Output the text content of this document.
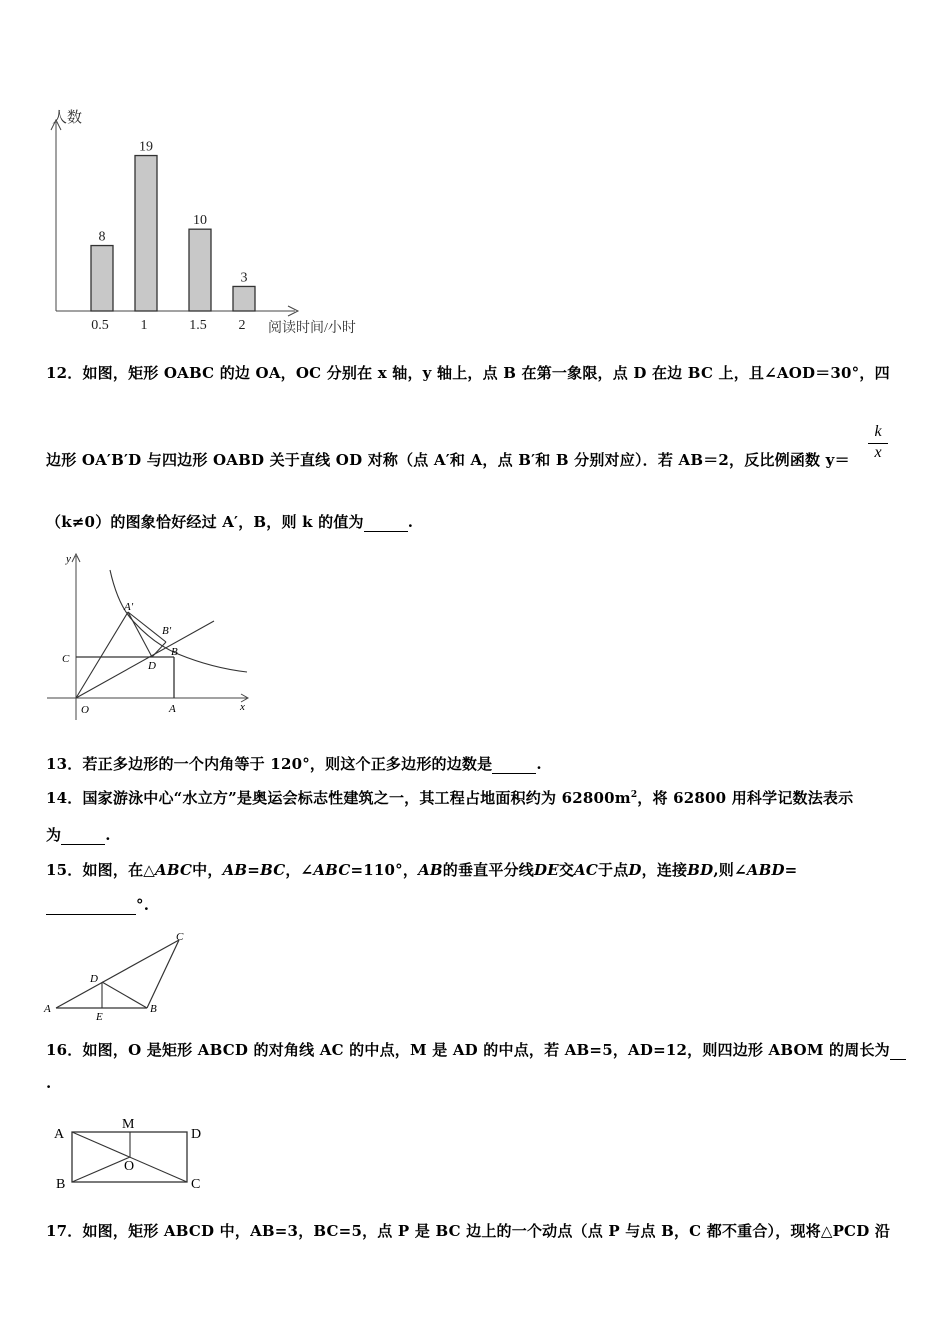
人数
阅读时间/小时
8
0.5
19
1
10
1.5
3
2
12．如图，矩形 OABC 的边 OA，OC 分别在 x 轴，y 轴上，点 B 在第一象限，点 D 在边 BC 上，且∠AOD＝30°，四
边形 OA′B′D 与四边形 OABD 关于直线 OD 对称（点 A′和 A，点 B′和 B 分别对应）．若 AB＝2，反比例函数 y＝
k
x
（k≠0）的图象恰好经过 A′，B，则 k 的值为	.
y
x
O	A
C
D
B
A′
B′
13．若正多边形的一个内角等于 120°，则这个正多边形的边数是	.
14．国家游泳中心“水立方”是奥运会标志性建筑之一，其工程占地面积约为 $62800m^2$，将 62800 用科学记数法表示
为	.
15．如图，在△ABC中，AB=BC，∠ABC=110°，AB的垂直平分线DE交AC于点D，连接BD,则∠ABD=
°.
A	B
C
D
E
16．如图，O 是矩形 ABCD 的对角线 AC 的中点，M 是 AD 的中点，若 AB=5，AD=12，则四边形 ABOM 的周长为
.
A
B	C
D
M
O
17．如图，矩形 ABCD 中，AB=3，BC=5，点 P 是 BC 边上的一个动点（点 P 与点 B，C 都不重合），现将△PCD 沿
